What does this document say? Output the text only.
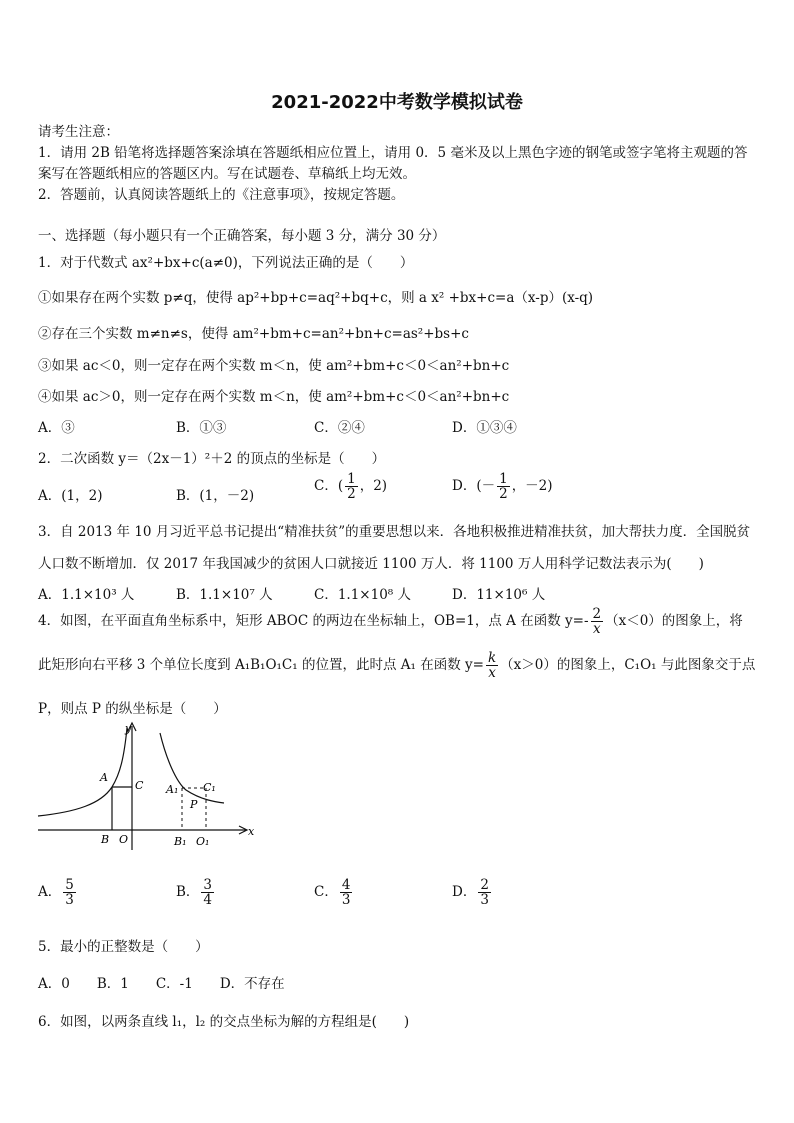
2021-2022中考数学模拟试卷
请考生注意：
1．请用 2B 铅笔将选择题答案涂填在答题纸相应位置上，请用 0．5 毫米及以上黑色字迹的钢笔或签字笔将主观题的答
案写在答题纸相应的答题区内。写在试题卷、草稿纸上均无效。
2．答题前，认真阅读答题纸上的《注意事项》，按规定答题。
一、选择题（每小题只有一个正确答案，每小题 3 分，满分 30 分）
1．对于代数式 ax²+bx+c(a≠0)，下列说法正确的是（　　）
①如果存在两个实数 p≠q，使得 ap²+bp+c=aq²+bq+c，则 a x² +bx+c=a（x-p）(x-q)
②存在三个实数 m≠n≠s，使得 am²+bm+c=an²+bn+c=as²+bs+c
③如果 ac＜0，则一定存在两个实数 m＜n，使 am²+bm+c＜0＜an²+bn+c
④如果 ac＞0，则一定存在两个实数 m＜n，使 am²+bm+c＜0＜an²+bn+c
A．③	B．①③	C．②④	D．①③④
2．二次函数 y＝（2x－1）²＋2 的顶点的坐标是（　　）
A．(1，2)	B．(1，－2)
C．( $\frac{1}{2}$ ，2)	D．(－ $\frac{1}{2}$ ，－2)
3．自 2013 年 10 月习近平总书记提出“精准扶贫”的重要思想以来．各地积极推进精准扶贫，加大帮扶力度．全国脱贫
人口数不断增加．仅 2017 年我国减少的贫困人口就接近 1100 万人．将 1100 万人用科学记数法表示为(　　)
A．1.1×10³ 人	B．1.1×10⁷ 人	C．1.1×10⁸ 人	D．11×10⁶ 人
4．如图，在平面直角坐标系中，矩形 ABOC 的两边在坐标轴上，OB=1，点 A 在函数 $y=- \frac{2}{x} (x<0)$的图象上，将
此矩形向右平移 3 个单位长度到 A₁B₁O₁C₁ 的位置，此时点 A₁ 在函数 $y= \frac{k}{x} (x>0)$的图象上，C₁O₁ 与此图象交于点
P，则点 P 的纵坐标是（　　）
y
x
A
C
B O
A₁ C₁
P
B₁ O₁
A． $\frac{5}{3}$	B． $\frac{3}{4}$	C． $\frac{4}{3}$	D． $\frac{2}{3}$
5．最小的正整数是（　　）
A．0　　B．1　　C．-1　　D．不存在
6．如图，以两条直线 l₁，l₂ 的交点坐标为解的方程组是(　　)
